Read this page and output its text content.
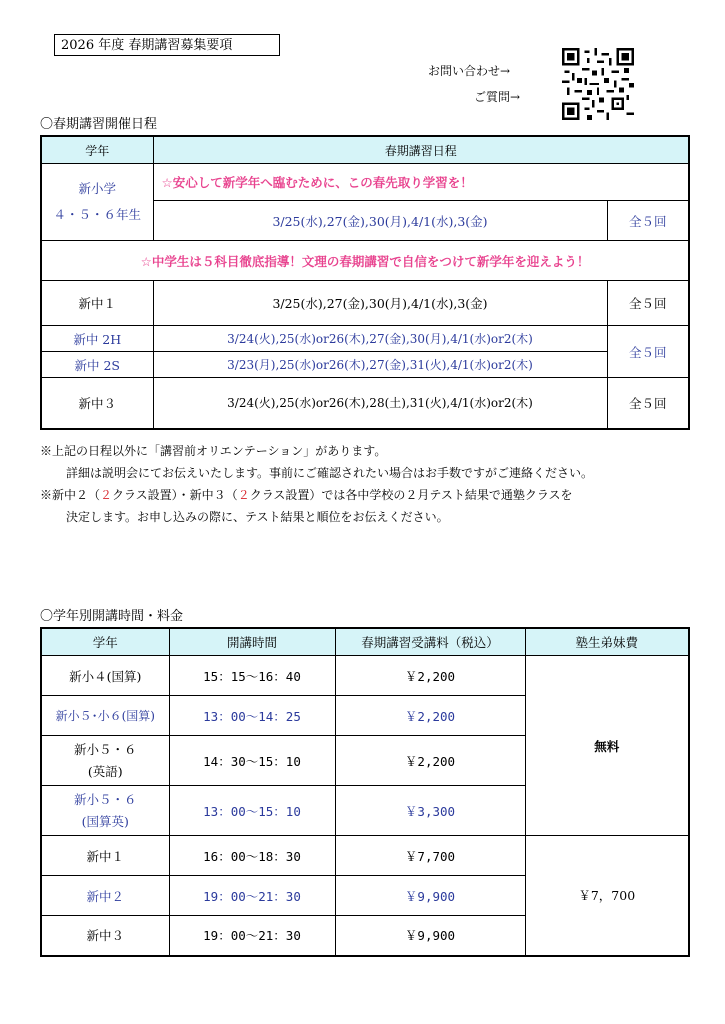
2026 年度 春期講習募集要項
お問い合わせ→
ご質問→
〇春期講習開催日程
学年	春期講習日程	

新小学
４・５・６年生	☆安心して新学年へ臨むために、この春先取り学習を！	
	3/25(水),27(金),30(月),4/1(水),3(金)	全５回
☆中学生は５科目徹底指導！文理の春期講習で自信をつけて新学年を迎えよう！		
新中１	3/25(水),27(金),30(月),4/1(水),3(金)	全５回
新中 2H	3/24(火),25(水)or26(木),27(金),30(月),4/1(水)or2(木)	全５回
新中 2S	3/23(月),25(水)or26(木),27(金),31(火),4/1(水)or2(木)	
新中３	3/24(火),25(水)or26(木),28(土),31(火),4/1(水)or2(木)	全５回
※上記の日程以外に「講習前オリエンテーション」があります。
詳細は説明会にてお伝えいたします。事前にご確認されたい場合はお手数ですがご連絡ください。
※新中２（２クラス設置）・新中３（２クラス設置）では各中学校の２月テスト結果で通塾クラスを
決定します。お申し込みの際に、テスト結果と順位をお伝えください。
〇学年別開講時間・料金
学年	開講時間	春期講習受講料（税込）	塾生弟妹費
新小４(国算)	15：15〜16：40	￥2,200	無料
新小５･小６(国算)	13：00〜14：25	￥2,200	

新小５・６
(英語)	14：30〜15：10	￥2,200	

新小５・６
(国算英)	13：00〜15：10	￥3,300	
新中１	16：00〜18：30	￥7,700	￥7，700
新中２	19：00〜21：30	￥9,900	
新中３	19：00〜21：30	￥9,900	
